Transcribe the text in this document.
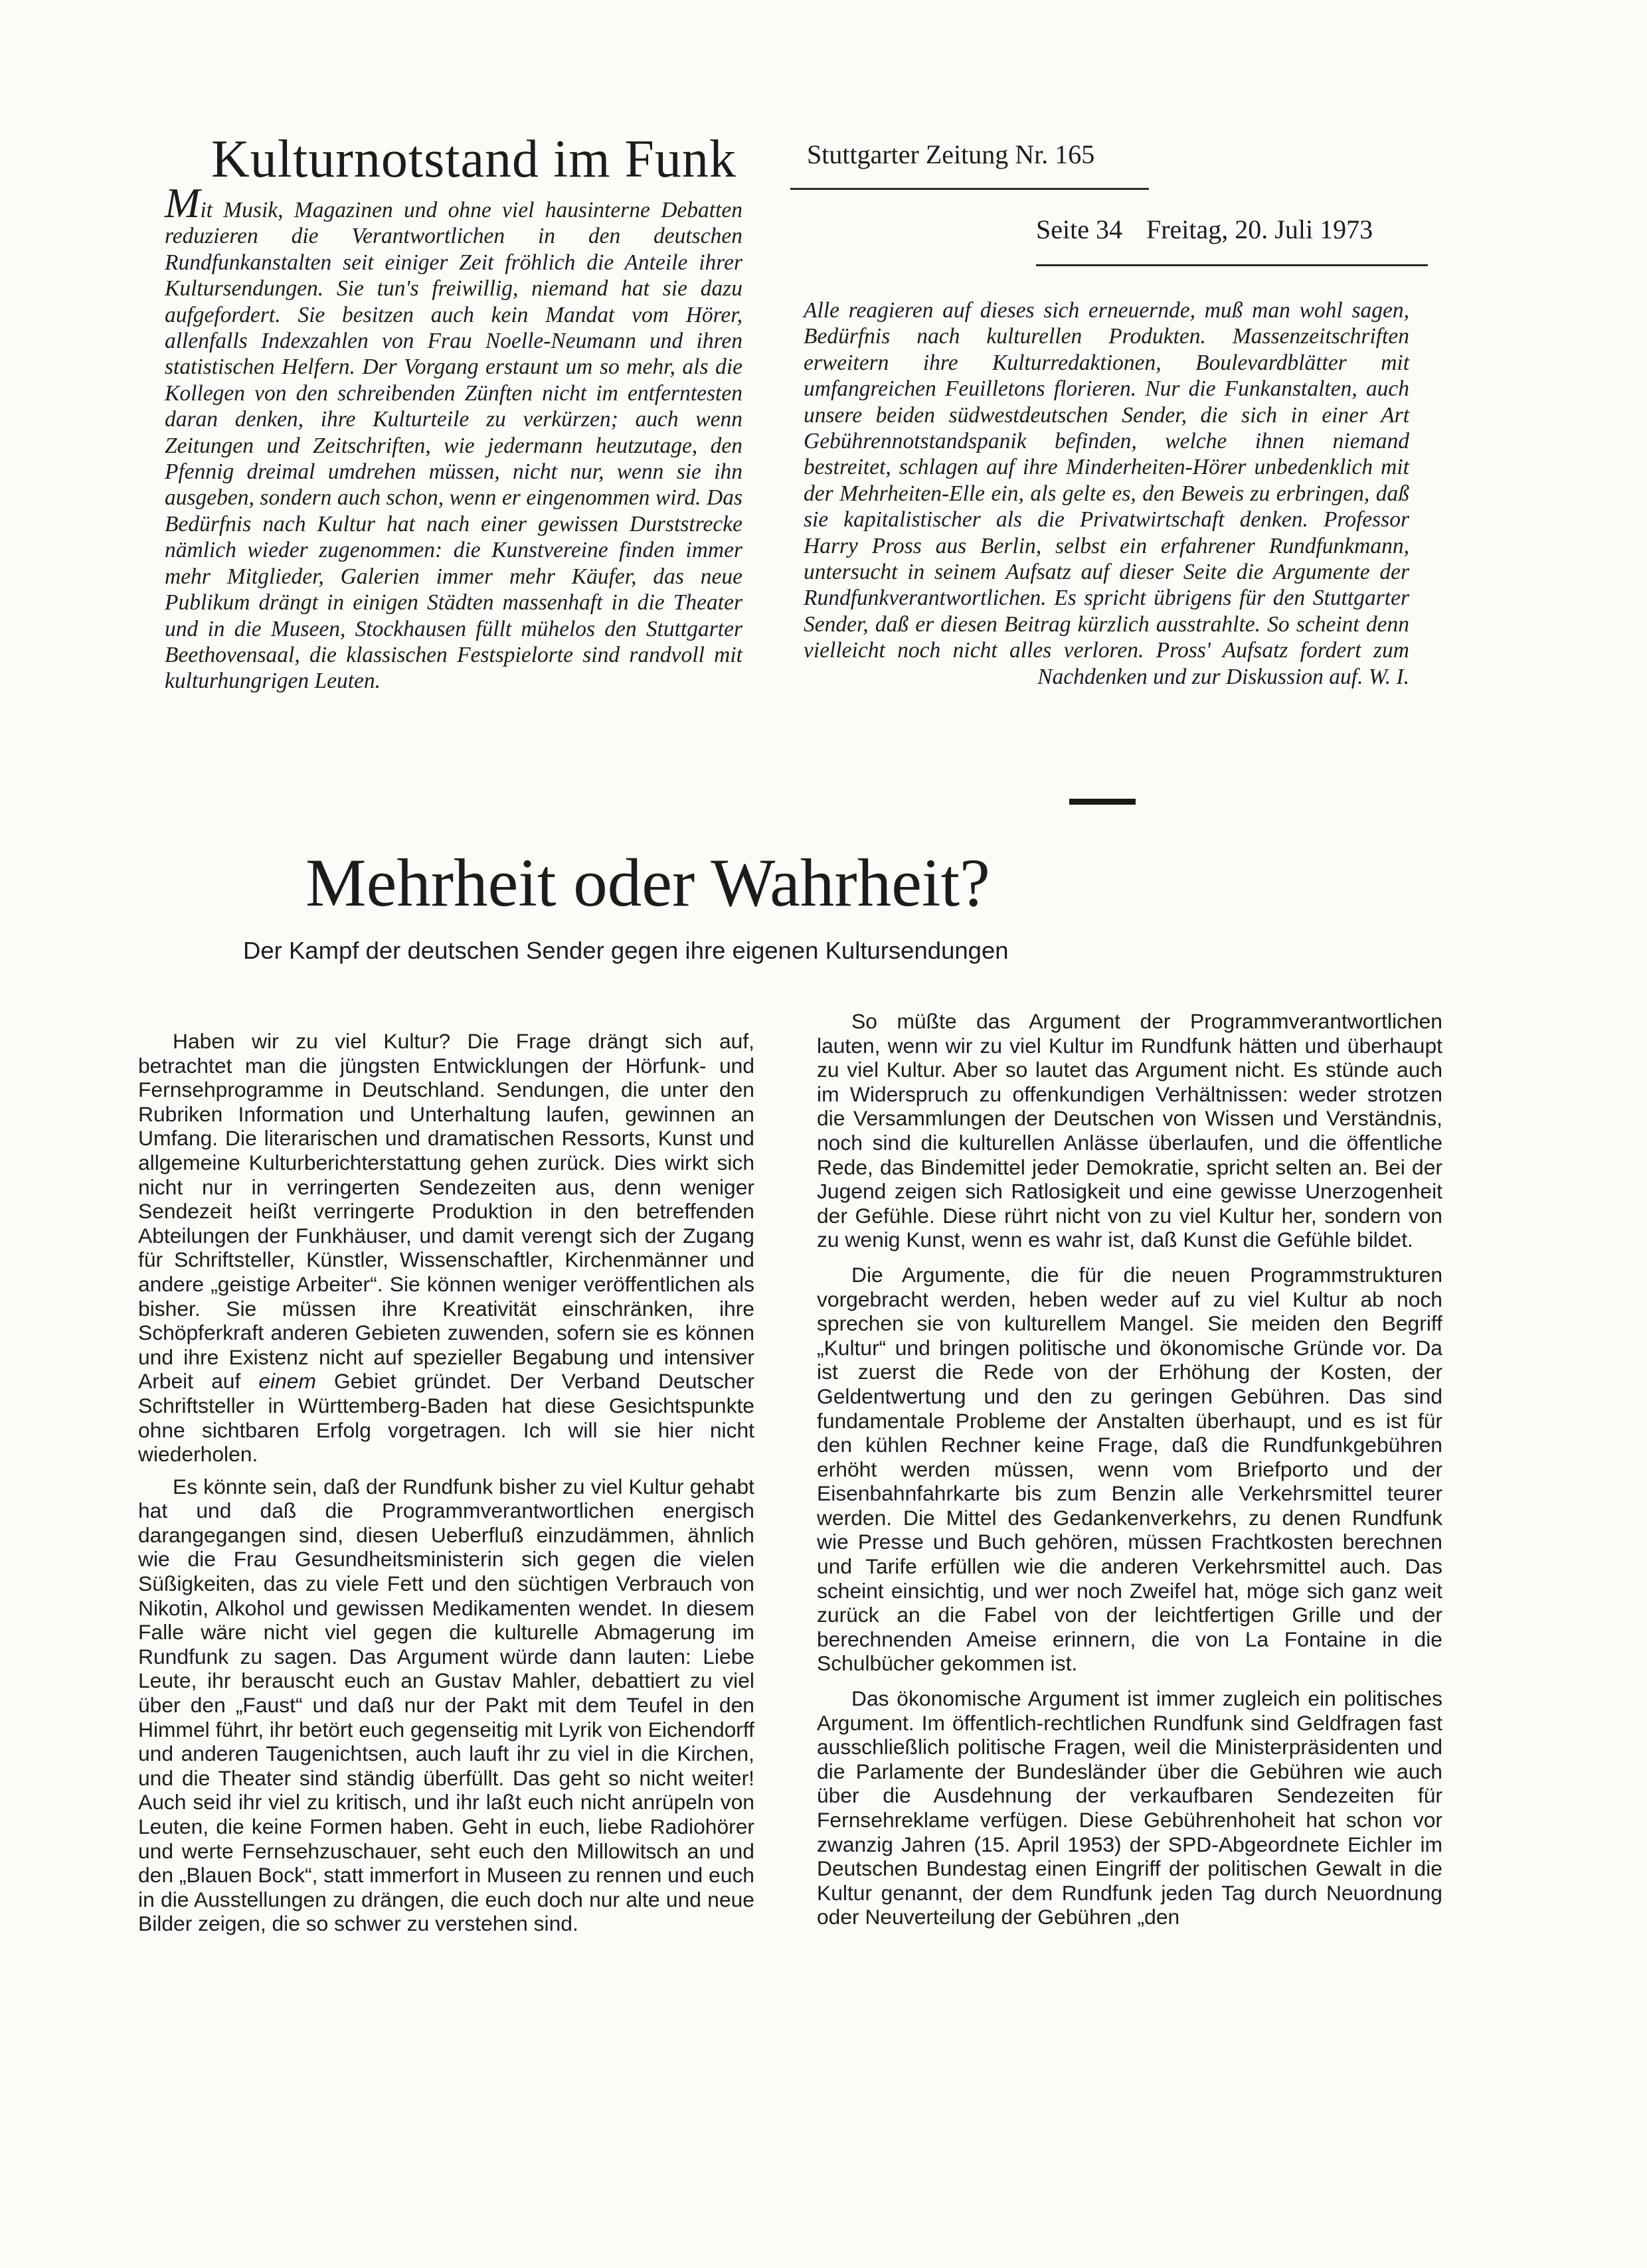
Kulturnotstand im Funk	Stuttgarter Zeitung Nr. 165
Seite 34 Freitag, 20. Juli 1973
Mit Musik, Magazinen und ohne viel hausinterne Debatten reduzieren die Verantwortlichen in den deutschen Rundfunkanstalten seit einiger Zeit fröhlich die Anteile ihrer Kultursendungen. Sie tun's freiwillig, niemand hat sie dazu aufgefordert. Sie besitzen auch kein Mandat vom Hörer, allenfalls Indexzahlen von Frau Noelle-Neumann und ihren statistischen Helfern. Der Vorgang erstaunt um so mehr, als die Kollegen von den schreibenden Zünften nicht im entferntesten daran denken, ihre Kulturteile zu verkürzen; auch wenn Zeitungen und Zeitschriften, wie jedermann heutzutage, den Pfennig dreimal umdrehen müssen, nicht nur, wenn sie ihn ausgeben, sondern auch schon, wenn er eingenommen wird. Das Bedürfnis nach Kultur hat nach einer gewissen Durststrecke nämlich wieder zugenommen: die Kunstvereine finden immer mehr Mitglieder, Galerien immer mehr Käufer, das neue Publikum drängt in einigen Städten massenhaft in die Theater und in die Museen, Stockhausen füllt mühelos den Stuttgarter Beethovensaal, die klassischen Festspielorte sind randvoll mit kulturhungrigen Leuten.
Alle reagieren auf dieses sich erneuernde, muß man wohl sagen, Bedürfnis nach kulturellen Produkten. Massenzeitschriften erweitern ihre Kulturredaktionen, Boulevardblätter mit umfangreichen Feuilletons florieren. Nur die Funkanstalten, auch unsere beiden südwestdeutschen Sender, die sich in einer Art Gebührennotstandspanik befinden, welche ihnen niemand bestreitet, schlagen auf ihre Minderheiten-Hörer unbedenklich mit der Mehrheiten-Elle ein, als gelte es, den Beweis zu erbringen, daß sie kapitalistischer als die Privatwirtschaft denken. Professor Harry Pross aus Berlin, selbst ein erfahrener Rundfunkmann, untersucht in seinem Aufsatz auf dieser Seite die Argumente der Rundfunkverantwortlichen. Es spricht übrigens für den Stuttgarter Sender, daß er diesen Beitrag kürzlich ausstrahlte. So scheint denn vielleicht noch nicht alles verloren. Pross' Aufsatz fordert zum Nachdenken und zur Diskussion auf. W. I.
Mehrheit oder Wahrheit?
Der Kampf der deutschen Sender gegen ihre eigenen Kultursendungen

Haben wir zu viel Kultur? Die Frage drängt sich auf, betrachtet man die jüngsten Entwicklungen der Hörfunk- und Fernsehprogramme in Deutschland. Sendungen, die unter den Rubriken Information und Unterhaltung laufen, gewinnen an Umfang. Die literarischen und dramatischen Ressorts, Kunst und allgemeine Kulturberichterstattung gehen zurück. Dies wirkt sich nicht nur in verringerten Sendezeiten aus, denn weniger Sendezeit heißt verringerte Produktion in den betreffenden Abteilungen der Funkhäuser, und damit verengt sich der Zugang für Schriftsteller, Künstler, Wissenschaftler, Kirchenmänner und andere „geistige Arbeiter“. Sie können weniger veröffentlichen als bisher. Sie müssen ihre Kreativität einschränken, ihre Schöpferkraft anderen Gebieten zuwenden, sofern sie es können und ihre Existenz nicht auf spezieller Begabung und intensiver Arbeit auf einem Gebiet gründet. Der Verband Deutscher Schriftsteller in Württemberg-Baden hat diese Gesichtspunkte ohne sichtbaren Erfolg vorgetragen. Ich will sie hier nicht wiederholen.

Es könnte sein, daß der Rundfunk bisher zu viel Kultur gehabt hat und daß die Programmverantwortlichen energisch darangegangen sind, diesen Ueberfluß einzudämmen, ähnlich wie die Frau Gesundheitsministerin sich gegen die vielen Süßigkeiten, das zu viele Fett und den süchtigen Verbrauch von Nikotin, Alkohol und gewissen Medikamenten wendet. In diesem Falle wäre nicht viel gegen die kulturelle Abmagerung im Rundfunk zu sagen. Das Argument würde dann lauten: Liebe Leute, ihr berauscht euch an Gustav Mahler, debattiert zu viel über den „Faust“ und daß nur der Pakt mit dem Teufel in den Himmel führt, ihr betört euch gegenseitig mit Lyrik von Eichendorff und anderen Taugenichtsen, auch lauft ihr zu viel in die Kirchen, und die Theater sind ständig überfüllt. Das geht so nicht weiter! Auch seid ihr viel zu kritisch, und ihr laßt euch nicht anrüpeln von Leuten, die keine Formen haben. Geht in euch, liebe Radiohörer und werte Fernsehzuschauer, seht euch den Millowitsch an und den „Blauen Bock“, statt immerfort in Museen zu rennen und euch in die Ausstellungen zu drängen, die euch doch nur alte und neue Bilder zeigen, die so schwer zu verstehen sind.

So müßte das Argument der Programmverantwortlichen lauten, wenn wir zu viel Kultur im Rundfunk hätten und überhaupt zu viel Kultur. Aber so lautet das Argument nicht. Es stünde auch im Widerspruch zu offenkundigen Verhältnissen: weder strotzen die Versammlungen der Deutschen von Wissen und Verständnis, noch sind die kulturellen Anlässe überlaufen, und die öffentliche Rede, das Bindemittel jeder Demokratie, spricht selten an. Bei der Jugend zeigen sich Ratlosigkeit und eine gewisse Unerzogenheit der Gefühle. Diese rührt nicht von zu viel Kultur her, sondern von zu wenig Kunst, wenn es wahr ist, daß Kunst die Gefühle bildet.

Die Argumente, die für die neuen Programmstrukturen vorgebracht werden, heben weder auf zu viel Kultur ab noch sprechen sie von kulturellem Mangel. Sie meiden den Begriff „Kultur“ und bringen politische und ökonomische Gründe vor. Da ist zuerst die Rede von der Erhöhung der Kosten, der Geldentwertung und den zu geringen Gebühren. Das sind fundamentale Probleme der Anstalten überhaupt, und es ist für den kühlen Rechner keine Frage, daß die Rundfunkgebühren erhöht werden müssen, wenn vom Briefporto und der Eisenbahnfahrkarte bis zum Benzin alle Verkehrsmittel teurer werden. Die Mittel des Gedankenverkehrs, zu denen Rundfunk wie Presse und Buch gehören, müssen Frachtkosten berechnen und Tarife erfüllen wie die anderen Verkehrsmittel auch. Das scheint einsichtig, und wer noch Zweifel hat, möge sich ganz weit zurück an die Fabel von der leichtfertigen Grille und der berechnenden Ameise erinnern, die von La Fontaine in die Schulbücher gekommen ist.

Das ökonomische Argument ist immer zugleich ein politisches Argument. Im öffentlich-rechtlichen Rundfunk sind Geldfragen fast ausschließlich politische Fragen, weil die Ministerpräsidenten und die Parlamente der Bundesländer über die Gebühren wie auch über die Ausdehnung der verkaufbaren Sendezeiten für Fernsehreklame verfügen. Diese Gebührenhoheit hat schon vor zwanzig Jahren (15. April 1953) der SPD-Abgeordnete Eichler im Deutschen Bundestag einen Eingriff der politischen Gewalt in die Kultur genannt, der dem Rundfunk jeden Tag durch Neuordnung oder Neuverteilung der Gebühren „den
